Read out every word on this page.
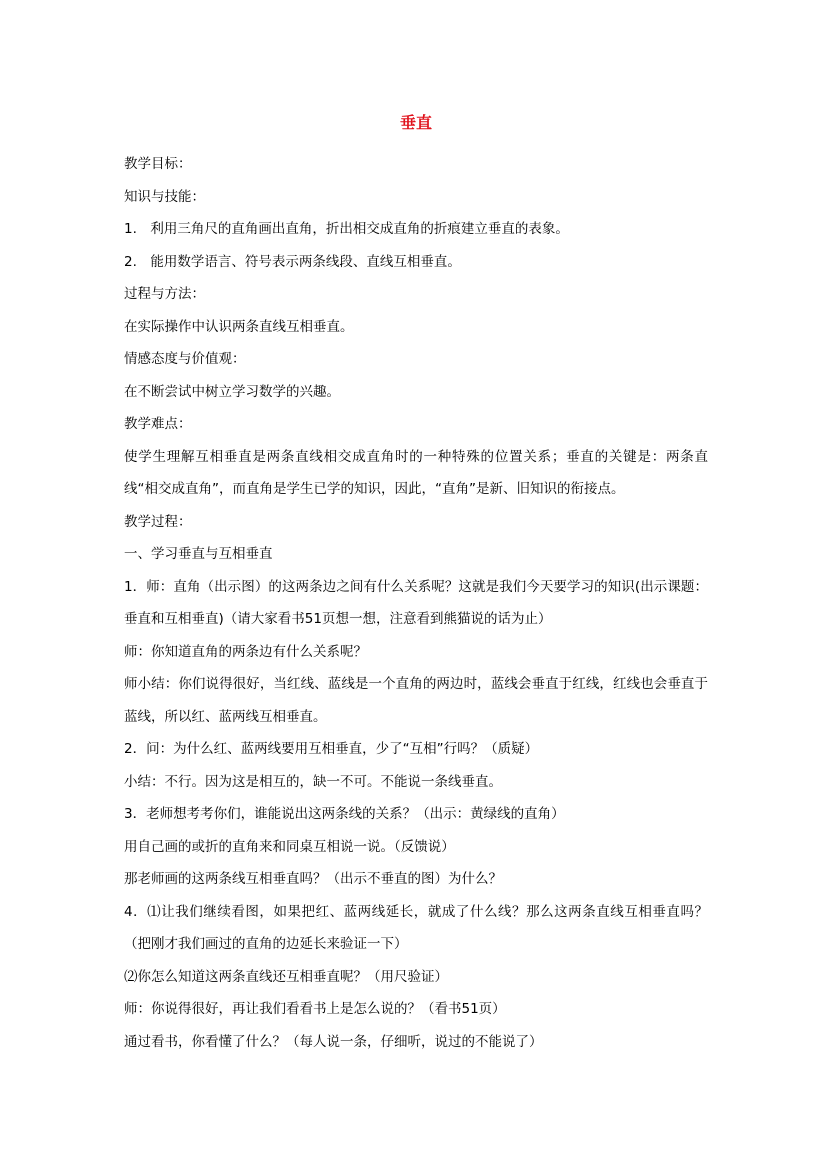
垂直

教学目标：

知识与技能：

1.　利用三角尺的直角画出直角，折出相交成直角的折痕建立垂直的表象。

2.　能用数学语言、符号表示两条线段、直线互相垂直。

过程与方法：

在实际操作中认识两条直线互相垂直。

情感态度与价值观：

在不断尝试中树立学习数学的兴趣。

教学难点：

使学生理解互相垂直是两条直线相交成直角时的一种特殊的位置关系；垂直的关键是：两条直线“相交成直角”，而直角是学生已学的知识，因此，“直角”是新、旧知识的衔接点。

教学过程：

一、学习垂直与互相垂直

1．师：直角（出示图）的这两条边之间有什么关系呢？这就是我们今天要学习的知识(出示课题：垂直和互相垂直)（请大家看书51页想一想，注意看到熊猫说的话为止）

师：你知道直角的两条边有什么关系呢？

师小结：你们说得很好，当红线、蓝线是一个直角的两边时，蓝线会垂直于红线，红线也会垂直于蓝线，所以红、蓝两线互相垂直。

2．问：为什么红、蓝两线要用互相垂直，少了“互相”行吗？（质疑）

小结：不行。因为这是相互的，缺一不可。不能说一条线垂直。

3．老师想考考你们，谁能说出这两条线的关系？（出示：黄绿线的直角）

用自己画的或折的直角来和同桌互相说一说。（反馈说）

那老师画的这两条线互相垂直吗？（出示不垂直的图）为什么？

4．⑴让我们继续看图，如果把红、蓝两线延长，就成了什么线？那么这两条直线互相垂直吗？（把刚才我们画过的直角的边延长来验证一下）

⑵你怎么知道这两条直线还互相垂直呢？（用尺验证）

师：你说得很好，再让我们看看书上是怎么说的？（看书51页）

通过看书，你看懂了什么？（每人说一条，仔细听，说过的不能说了）
